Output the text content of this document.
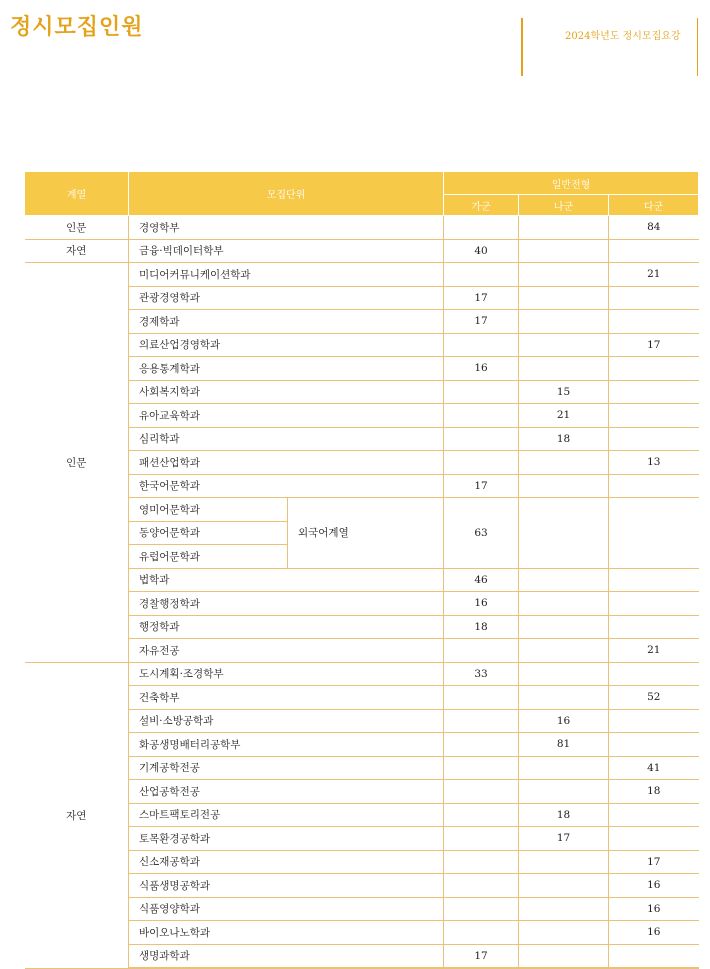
정시모집인원	2024학년도 정시모집요강
계열	모집단위		일반전형		
			가군	나군	다군
인문	경영학부				84
자연	금융·빅데이터학부		40		
인문	미디어커뮤니케이션학과				21
	관광경영학과		17		
	경제학과		17		
	의료산업경영학과				17
	응용통계학과		16		
	사회복지학과			15	
	유아교육학과			21	
	심리학과			18	
	패션산업학과				13
	한국어문학과		17		
	영미어문학과	외국어계열	63		
	동양어문학과				
	유럽어문학과				
	법학과		46		
	경찰행정학과		16		
	행정학과		18		
	자유전공				21
자연	도시계획·조경학부		33		
	건축학부				52
	설비·소방공학과			16	
	화공생명배터리공학부			81	
	기계공학전공				41
	산업공학전공				18
	스마트팩토리전공			18	
	토목환경공학과			17	
	신소재공학과				17
	식품생명공학과				16
	식품영양학과				16
	바이오나노학과				16
	생명과학과		17		
